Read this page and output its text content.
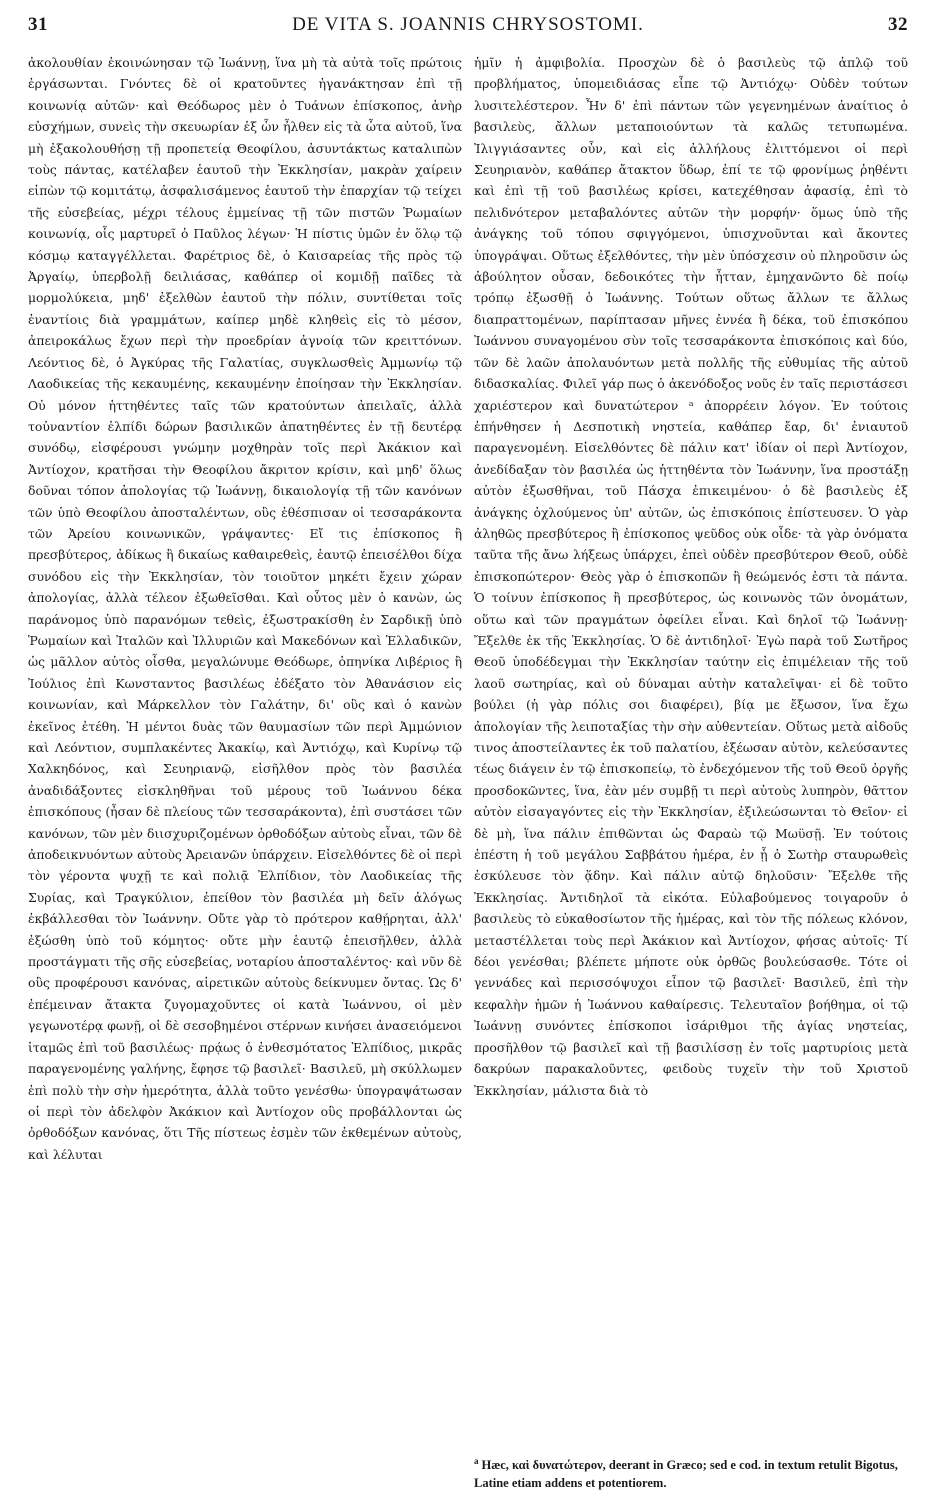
31	DE VITA S. JOANNIS CHRYSOSTOMI.	32

ἀκολουθίαν ἐκοινώνησαν τῷ Ἰωάννῃ, ἵνα μὴ τὰ αὐτὰ τοῖς πρώτοις ἐργάσωνται. Γνόντες δὲ οἱ κρατοῦντες ἠγανάκτησαν ἐπὶ τῇ κοινωνίᾳ αὐτῶν· καὶ Θεόδωρος μὲν ὁ Τυάνων ἐπίσκοπος, ἀνὴρ εὐσχήμων, συνεὶς τὴν σκευωρίαν ἐξ ὧν ἦλθεν εἰς τὰ ὦτα αὐτοῦ, ἵνα μὴ ἐξακολουθήσῃ τῇ προπετείᾳ Θεοφίλου, ἀσυντάκτως καταλιπὼν τοὺς πάντας, κατέλαβεν ἑαυτοῦ τὴν Ἐκκλησίαν, μακρὰν χαίρειν εἰπὼν τῷ κομιτάτῳ, ἀσφαλισάμενος ἑαυτοῦ τὴν ἐπαρχίαν τῷ τείχει τῆς εὐσεβείας, μέχρι τέλους ἐμμείνας τῇ τῶν πιστῶν Ῥωμαίων κοινωνίᾳ, οἷς μαρτυρεῖ ὁ Παῦλος λέγων· Ἡ πίστις ὑμῶν ἐν ὅλῳ τῷ κόσμῳ καταγγέλλεται. Φαρέτριος δὲ, ὁ Καισαρείας τῆς πρὸς τῷ Ἀργαίῳ, ὑπερβολῇ δειλιάσας, καθάπερ οἱ κομιδῇ παῖδες τὰ μορμολύκεια, μηδ' ἐξελθὼν ἑαυτοῦ τὴν πόλιν, συντίθεται τοῖς ἐναντίοις διὰ γραμμάτων, καίπερ μηδὲ κληθεὶς εἰς τὸ μέσον, ἀπειροκάλως ἔχων περὶ τὴν προεδρίαν ἀγνοίᾳ τῶν κρειττόνων. Λεόντιος δὲ, ὁ Ἀγκύρας τῆς Γαλατίας, συγκλωσθεὶς Ἀμμωνίῳ τῷ Λαοδικείας τῆς κεκαυμένης, κεκαυμένην ἐποίησαν τὴν Ἐκκλησίαν. Οὐ μόνον ἡττηθέντες ταῖς τῶν κρατούντων ἀπειλαῖς, ἀλλὰ τοὐναντίον ἐλπίδι δώρων βασιλικῶν ἀπατηθέντες ἐν τῇ δευτέρᾳ συνόδῳ, εἰσφέρουσι γνώμην μοχθηρὰν τοῖς περὶ Ἀκάκιον καὶ Ἀντίοχον, κρατῆσαι τὴν Θεοφίλου ἄκριτον κρίσιν, καὶ μηδ' ὅλως δοῦναι τόπον ἀπολογίας τῷ Ἰωάννῃ, δικαιολογίᾳ τῇ τῶν κανόνων τῶν ὑπὸ Θεοφίλου ἀποσταλέντων, οὓς ἐθέσπισαν οἱ τεσσαράκοντα τῶν Ἀρείου κοινωνικῶν, γράψαντες· Εἴ τις ἐπίσκοπος ἢ πρεσβύτερος, ἀδίκως ἢ δικαίως καθαιρεθεὶς, ἑαυτῷ ἐπεισέλθοι δίχα συνόδου εἰς τὴν Ἐκκλησίαν, τὸν τοιοῦτον μηκέτι ἔχειν χώραν ἀπολογίας, ἀλλὰ τέλεον ἐξωθεῖσθαι. Καὶ οὗτος μὲν ὁ κανὼν, ὡς παράνομος ὑπὸ παρανόμων τεθεὶς, ἐξωστρακίσθη ἐν Σαρδικῇ ὑπὸ Ῥωμαίων καὶ Ἰταλῶν καὶ Ἰλλυριῶν καὶ Μακεδόνων καὶ Ἑλλαδικῶν, ὡς μᾶλλον αὐτὸς οἶσθα, μεγαλώνυμε Θεόδωρε, ὁπηνίκα Λιβέριος ἢ Ἰούλιος ἐπὶ Κωνσταντος βασιλέως ἐδέξατο τὸν Ἀθανάσιον εἰς κοινωνίαν, καὶ Μάρκελλον τὸν Γαλάτην, δι' οὓς καὶ ὁ κανὼν ἐκεῖνος ἐτέθη. Ἡ μέντοι δυὰς τῶν θαυμασίων τῶν περὶ Ἀμμώνιον καὶ Λεόντιον, συμπλακέντες Ἀκακίῳ, καὶ Ἀντιόχῳ, καὶ Κυρίνῳ τῷ Χαλκηδόνος, καὶ Σευηριανῷ, εἰσῆλθον πρὸς τὸν βασιλέα ἀναδιδάξοντες εἰσκληθῆναι τοῦ μέρους τοῦ Ἰωάννου δέκα ἐπισκόπους (ἦσαν δὲ πλείους τῶν τεσσαράκοντα), ἐπὶ συστάσει τῶν κανόνων, τῶν μὲν διισχυριζομένων ὀρθοδόξων αὐτοὺς εἶναι, τῶν δὲ ἀποδεικνυόντων αὐτοὺς Ἀρειανῶν ὑπάρχειν. Εἰσελθόντες δὲ οἱ περὶ τὸν γέροντα ψυχῇ τε καὶ πολιᾷ Ἐλπίδιον, τὸν Λαοδικείας τῆς Συρίας, καὶ Τραγκύλιον, ἐπείθον τὸν βασιλέα μὴ δεῖν ἀλόγως ἐκβάλλεσθαι τὸν Ἰωάννην. Οὔτε γὰρ τὸ πρότερον καθῄρηται, ἀλλ' ἐξώσθη ὑπὸ τοῦ κόμητος· οὔτε μὴν ἑαυτῷ ἐπεισῆλθεν, ἀλλὰ προστάγματι τῆς σῆς εὐσεβείας, νοταρίου ἀποσταλέντος· καὶ νῦν δὲ οὓς προφέρουσι κανόνας, αἱρετικῶν αὐτοὺς δείκνυμεν ὄντας. Ὡς δ' ἐπέμειναν ἄτακτα ζυγομαχοῦντες οἱ κατὰ Ἰωάννου, οἱ μὲν γεγωνοτέρᾳ φωνῇ, οἱ δὲ σεσοβημένοι στέρνων κινήσει ἀνασειόμενοι ἱταμῶς ἐπὶ τοῦ βασιλέως· πρᾴως ὁ ἐνθεσμότατος Ἐλπίδιος, μικρᾶς παραγενομένης γαλήνης, ἔφησε τῷ βασιλεῖ· Βασιλεῦ, μὴ σκύλλωμεν ἐπὶ πολὺ τὴν σὴν ἡμερότητα, ἀλλὰ τοῦτο γενέσθω· ὑπογραψάτωσαν οἱ περὶ τὸν ἀδελφὸν Ἀκάκιον καὶ Ἀντίοχον οὓς προβάλλονται ὡς ὀρθοδόξων κανόνας, ὅτι Τῆς πίστεως ἐσμὲν τῶν ἐκθεμένων αὐτοὺς, καὶ λέλυται

ἡμῖν ἡ ἀμφιβολία. Προσχὼν δὲ ὁ βασιλεὺς τῷ ἁπλῷ τοῦ προβλήματος, ὑπομειδιάσας εἶπε τῷ Ἀντιόχῳ· Οὐδὲν τούτων λυσιτελέστερον. Ἦν δ' ἐπὶ πάντων τῶν γεγενημένων ἀναίτιος ὁ βασιλεὺς, ἄλλων μεταποιούντων τὰ καλῶς τετυπωμένα. Ἰλιγγιάσαντες οὖν, καὶ εἰς ἀλλήλους ἑλιττόμενοι οἱ περὶ Σευηριανὸν, καθάπερ ἄτακτον ὕδωρ, ἐπί τε τῷ φρονίμως ῥηθέντι καὶ ἐπὶ τῇ τοῦ βασιλέως κρίσει, κατεχέθησαν ἀφασίᾳ, ἐπὶ τὸ πελιδνότερον μεταβαλόντες αὐτῶν τὴν μορφήν· ὅμως ὑπὸ τῆς ἀνάγκης τοῦ τόπου σφιγγόμενοι, ὑπισχνοῦνται καὶ ἄκοντες ὑπογράψαι. Οὕτως ἐξελθόντες, τὴν μὲν ὑπόσχεσιν οὐ πληροῦσιν ὡς ἀβούλητον οὖσαν, δεδοικότες τὴν ἧτταν, ἐμηχανῶντο δὲ ποίῳ τρόπῳ ἐξωσθῇ ὁ Ἰωάννης. Τούτων οὕτως ἄλλων τε ἄλλως διαπραττομένων, παρίπτασαν μῆνες ἐννέα ἢ δέκα, τοῦ ἐπισκόπου Ἰωάννου συναγομένου σὺν τοῖς τεσσαράκοντα ἐπισκόποις καὶ δύο, τῶν δὲ λαῶν ἀπολαυόντων μετὰ πολλῆς τῆς εὐθυμίας τῆς αὐτοῦ διδασκαλίας. Φιλεῖ γάρ πως ὁ ἀκενόδοξος νοῦς ἐν ταῖς περιστάσεσι χαριέστερον καὶ δυνατώτερον ᵃ ἀπορρέειν λόγον. Ἐν τούτοις ἐπήνθησεν ἡ Δεσποτικὴ νηστεία, καθάπερ ἔαρ, δι' ἐνιαυτοῦ παραγενομένη. Εἰσελθόντες δὲ πάλιν κατ' ἰδίαν οἱ περὶ Ἀντίοχον, ἀνεδίδαξαν τὸν βασιλέα ὡς ἡττηθέντα τὸν Ἰωάννην, ἵνα προστάξῃ αὐτὸν ἐξωσθῆναι, τοῦ Πάσχα ἐπικειμένου· ὁ δὲ βασιλεὺς ἐξ ἀνάγκης ὀχλούμενος ὑπ' αὐτῶν, ὡς ἐπισκόποις ἐπίστευσεν. Ὁ γὰρ ἀληθῶς πρεσβύτερος ἢ ἐπίσκοπος ψεῦδος οὐκ οἶδε· τὰ γὰρ ὀνόματα ταῦτα τῆς ἄνω λήξεως ὑπάρχει, ἐπεὶ οὐδὲν πρεσβύτερον Θεοῦ, οὐδὲ ἐπισκοπώτερον· Θεὸς γὰρ ὁ ἐπισκοπῶν ἢ θεώμενός ἐστι τὰ πάντα. Ὁ τοίνυν ἐπίσκοπος ἢ πρεσβύτερος, ὡς κοινωνὸς τῶν ὀνομάτων, οὕτω καὶ τῶν πραγμάτων ὀφείλει εἶναι. Καὶ δηλοῖ τῷ Ἰωάννῃ· Ἔξελθε ἐκ τῆς Ἐκκλησίας. Ὁ δὲ ἀντιδηλοῖ· Ἐγὼ παρὰ τοῦ Σωτῆρος Θεοῦ ὑποδέδεγμαι τὴν Ἐκκλησίαν ταύτην εἰς ἐπιμέλειαν τῆς τοῦ λαοῦ σωτηρίας, καὶ οὐ δύναμαι αὐτὴν καταλεῖψαι· εἰ δὲ τοῦτο βούλει (ἡ γὰρ πόλις σοι διαφέρει), βίᾳ με ἔξωσον, ἵνα ἔχω ἀπολογίαν τῆς λειποταξίας τὴν σὴν αὐθεντείαν. Οὕτως μετὰ αἰδοῦς τινος ἀποστείλαντες ἐκ τοῦ παλατίου, ἐξέωσαν αὐτὸν, κελεύσαντες τέως διάγειν ἐν τῷ ἐπισκοπείῳ, τὸ ἐνδεχόμενον τῆς τοῦ Θεοῦ ὀργῆς προσδοκῶντες, ἵνα, ἐὰν μέν συμβῇ τι περὶ αὐτοὺς λυπηρὸν, θᾶττον αὐτὸν εἰσαγαγόντες εἰς τὴν Ἐκκλησίαν, ἐξιλεώσωνται τὸ Θεῖον· εἰ δὲ μὴ, ἵνα πάλιν ἐπιθῶνται ὡς Φαραὼ τῷ Μωϋσῇ. Ἐν τούτοις ἐπέστη ἡ τοῦ μεγάλου Σαββάτου ἡμέρα, ἐν ᾗ ὁ Σωτὴρ σταυρωθεὶς ἐσκύλευσε τὸν ᾅδην. Καὶ πάλιν αὐτῷ δηλοῦσιν· Ἔξελθε τῆς Ἐκκλησίας. Ἀντιδηλοῖ τὰ εἰκότα. Εὐλαβούμενος τοιγαροῦν ὁ βασιλεὺς τὸ εὐκαθοσίωτον τῆς ἡμέρας, καὶ τὸν τῆς πόλεως κλόνον, μεταστέλλεται τοὺς περὶ Ἀκάκιον καὶ Ἀντίοχον, φήσας αὐτοῖς· Τί δέοι γενέσθαι; βλέπετε μήποτε οὐκ ὀρθῶς βουλεύσασθε. Τότε οἱ γεννάδες καὶ περισσόψυχοι εἶπον τῷ βασιλεῖ· Βασιλεῦ, ἐπὶ τὴν κεφαλὴν ἡμῶν ἡ Ἰωάννου καθαίρεσις. Τελευταῖον βοήθημα, οἱ τῷ Ἰωάννῃ συνόντες ἐπίσκοποι ἰσάριθμοι τῆς ἁγίας νηστείας, προσῆλθον τῷ βασιλεῖ καὶ τῇ βασιλίσσῃ ἐν τοῖς μαρτυρίοις μετὰ δακρύων παρακαλοῦντες, φειδοὺς τυχεῖν τὴν τοῦ Χριστοῦ Ἐκκλησίαν, μάλιστα διὰ τὸ

$^a$ Hæc, καὶ δυνατώτερον, deerant in Græco; sed e cod. in textum retulit Bigotus, Latine etiam addens et potentiorem.
